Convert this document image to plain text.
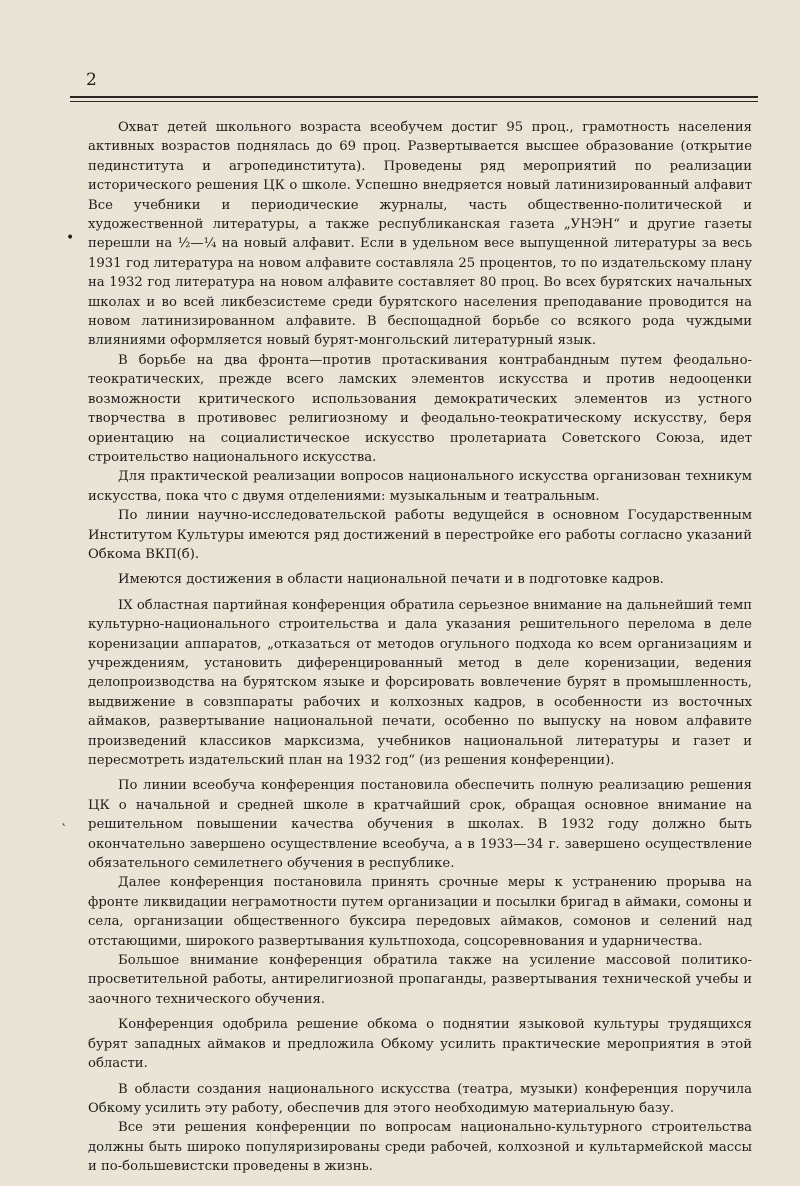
2

Охват детей школьного возраста всеобучем достиг 95 проц., грамотность населения активных возрастов поднялась до 69 проц. Развертывается высшее образование (открытие пединститута и агропединститута). Проведены ряд мероприятий по реализации исторического решения ЦК о школе. Успешно внедряется новый латинизированный алфавит Все учебники и периодические журналы, часть общественно-политической и художественной литературы, а также республиканская газета „УНЭН“ и другие газеты перешли на ½—¼ на новый алфавит. Если в удельном весе выпущенной литературы за весь 1931 год литература на новом алфавите составляла 25 процентов, то по издательскому плану на 1932 год литература на новом алфавите составляет 80 проц. Во всех бурятских начальных школах и во всей ликбезсистеме среди бурятского населения преподавание проводится на новом латинизированном алфавите. В беспощадной борьбе со всякого рода чуждыми влияниями оформляется новый бурят-монгольский литературный язык.

В борьбе на два фронта—против протаскивания контрабандным путем феодально-теократических, прежде всего ламских элементов искусства и против недооценки возможности критического использования демократических элементов из устного творчества в противовес религиозному и феодально-теократическому искусству, беря ориентацию на социалистическое искусство пролетариата Советского Союза, идет строительство национального искусства.

Для практической реализации вопросов национального искусства организован техникум искусства, пока что с двумя отделениями: музыкальным и театральным.

По линии научно-исследовательской работы ведущейся в основном Государственным Институтом Культуры имеются ряд достижений в перестройке его работы согласно указаний Обкома ВКП(б).

Имеются достижения в области национальной печати и в подготовке кадров.

IX областная партийная конференция обратила серьезное внимание на дальнейший темп культурно-национального строительства и дала указания решительного перелома в деле коренизации аппаратов, „отказаться от методов огульного подхода ко всем организациям и учреждениям, установить диференцированный метод в деле коренизации, ведения делопроизводства на бурятском языке и форсировать вовлечение бурят в промышленность, выдвижение в совзппараты рабочих и колхозных кадров, в особенности из восточных аймаков, развертывание национальной печати, особенно по выпуску на новом алфавите произведений классиков марксизма, учебников национальной литературы и газет и пересмотреть издательский план на 1932 год“ (из решения конференции).

По линии всеобуча конференция постановила обеспечить полную реализацию решения ЦК о начальной и средней школе в кратчайший срок, обращая основное внимание на решительном повышении качества обучения в школах. В 1932 году должно быть окончательно завершено осуществление всеобуча, а в 1933—34 г. завершено осуществление обязательного семилетнего обучения в республике.

Далее конференция постановила принять срочные меры к устранению прорыва на фронте ликвидации неграмотности путем организации и посылки бригад в аймаки, сомоны и села, организации общественного буксира передовых аймаков, сомонов и селений над отстающими, широкого развертывания культпохода, соцсоревнования и ударничества.

Большое внимание конференция обратила также на усиление массовой политико-просветительной работы, антирелигиозной пропаганды, развертывания технической учебы и заочного технического обучения.

Конференция одобрила решение обкома о поднятии языковой культуры трудящихся бурят западных аймаков и предложила Обкому усилить практические мероприятия в этой области.

В области создания национального искусства (театра, музыки) конференция поручила Обкому усилить эту работу, обеспечив для этого необходимую материальную базу.

Все эти решения конференции по вопросам национально-культурного строительства должны быть широко популяризированы среди рабочей, колхозной и культармейской массы и по-большевистски проведены в жизнь.

•
‵
